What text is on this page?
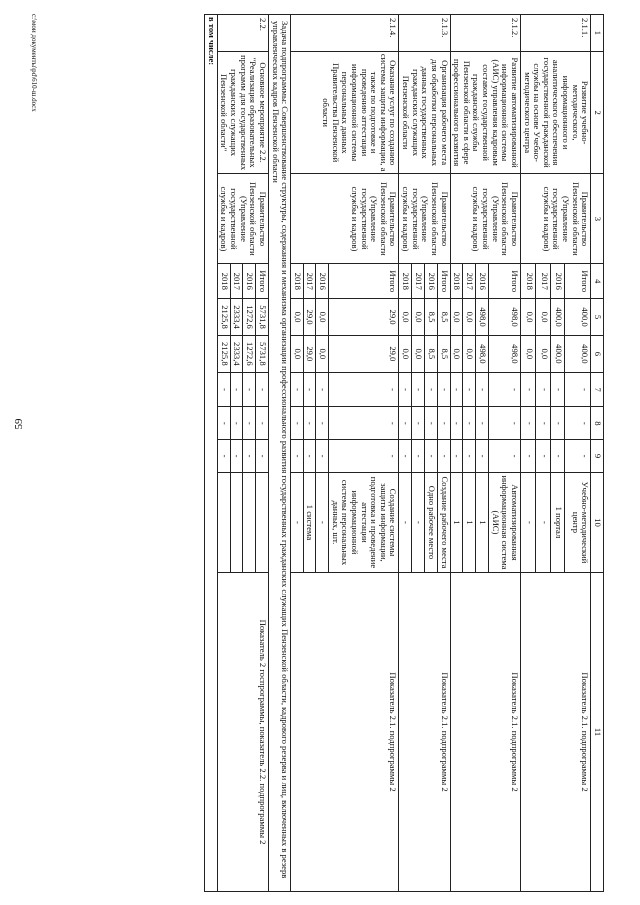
59
1	2	3	4	5	6	7	8	9	10	11
2.1.1.	Развитие учебно-методического, информационного и аналитического обеспечения государственной гражданской службы на основе Учебно-методического центра	Правительство Пензенской области (Управление государственной службы и кадров)	Итого	400,0	400,0	-	-	-	Учебно-методический центр	Показатель 2.1. подпрограммы 2
			2016	400,0	400,0	-	-	-	1 портал	
			2017	0,0	0,0	-	-	-	-	
			2018	0,0	0,0	-	-	-	-	
2.1.2.	Развитие автоматизированной информационной системы (АИС) управления кадровым составом государственной гражданской службы Пензенской области в сфере профессионального развития	Правительство Пензенской области (Управление государственной службы и кадров)	Итого	498,0	498,0	-	-	-	Автоматизированная информационная система (АИС)	Показатель 2.1. подпрограммы 2
			2016	498,0	498,0	-	-	-	1	
			2017	0,0	0,0	-	-	-	1	
			2018	0,0	0,0	-	-	-	1	
2.1.3.	Организация рабочего места для обработки персональных данных государственных гражданских служащих Пензенской области	Правительство Пензенской области (Управление государственной службы и кадров)	Итого	8,5	8,5	-	-	-	Создание рабочего места	Показатель 2.1. подпрограммы 2
			2016	8,5	8,5	-	-	-	Одно рабочее место	
			2017	0,0	0,0	-	-	-	-	
			2018	0,0	0,0	-	-	-	-	
2.1.4.	Оказание услуг по созданию системы защиты информации, а также по подготовке и проведению аттестации информационной системы персональных данных Правительства Пензенской области	Правительство Пензенской области (Управление государственной службы и кадров)	Итого	29,0	29,0	-	-	-	Создание системы защиты информации, подготовка и проведение аттестации информационной системы персональных данных, шт.	Показатель 2.1. подпрограммы 2
			2016	0,0	0,0	-	-	-	-	
			2017	29,0	29,0	-	-	-	1 система	
			2018	0,0	0,0	-	-	-	-	
Задача подпрограммы: Совершенствование структуры, содержания и механизма организации профессионального развития государственных гражданских служащих Пензенской области, кадрового резерва и лиц, включенных в резерв управленческих кадров Пензенской области										
2.2.	Основное мероприятие 2.2. "Реализация образовательных программ для государственных гражданских служащих Пензенской области"	Правительство Пензенской области (Управление государственной службы и кадров)	Итого	5731,8	5731,8	-	-	-		Показатель 2 госпрограммы, показатель 2.2. подпрограммы 2
			2016	1272,6	1272,6	-	-	-		
			2017	2333,4	2333,4	-	-	-		
			2018	2125,8	2125,8	-	-	-		
в том числе:										
c:\мои документы\pd\610-ш.docx
